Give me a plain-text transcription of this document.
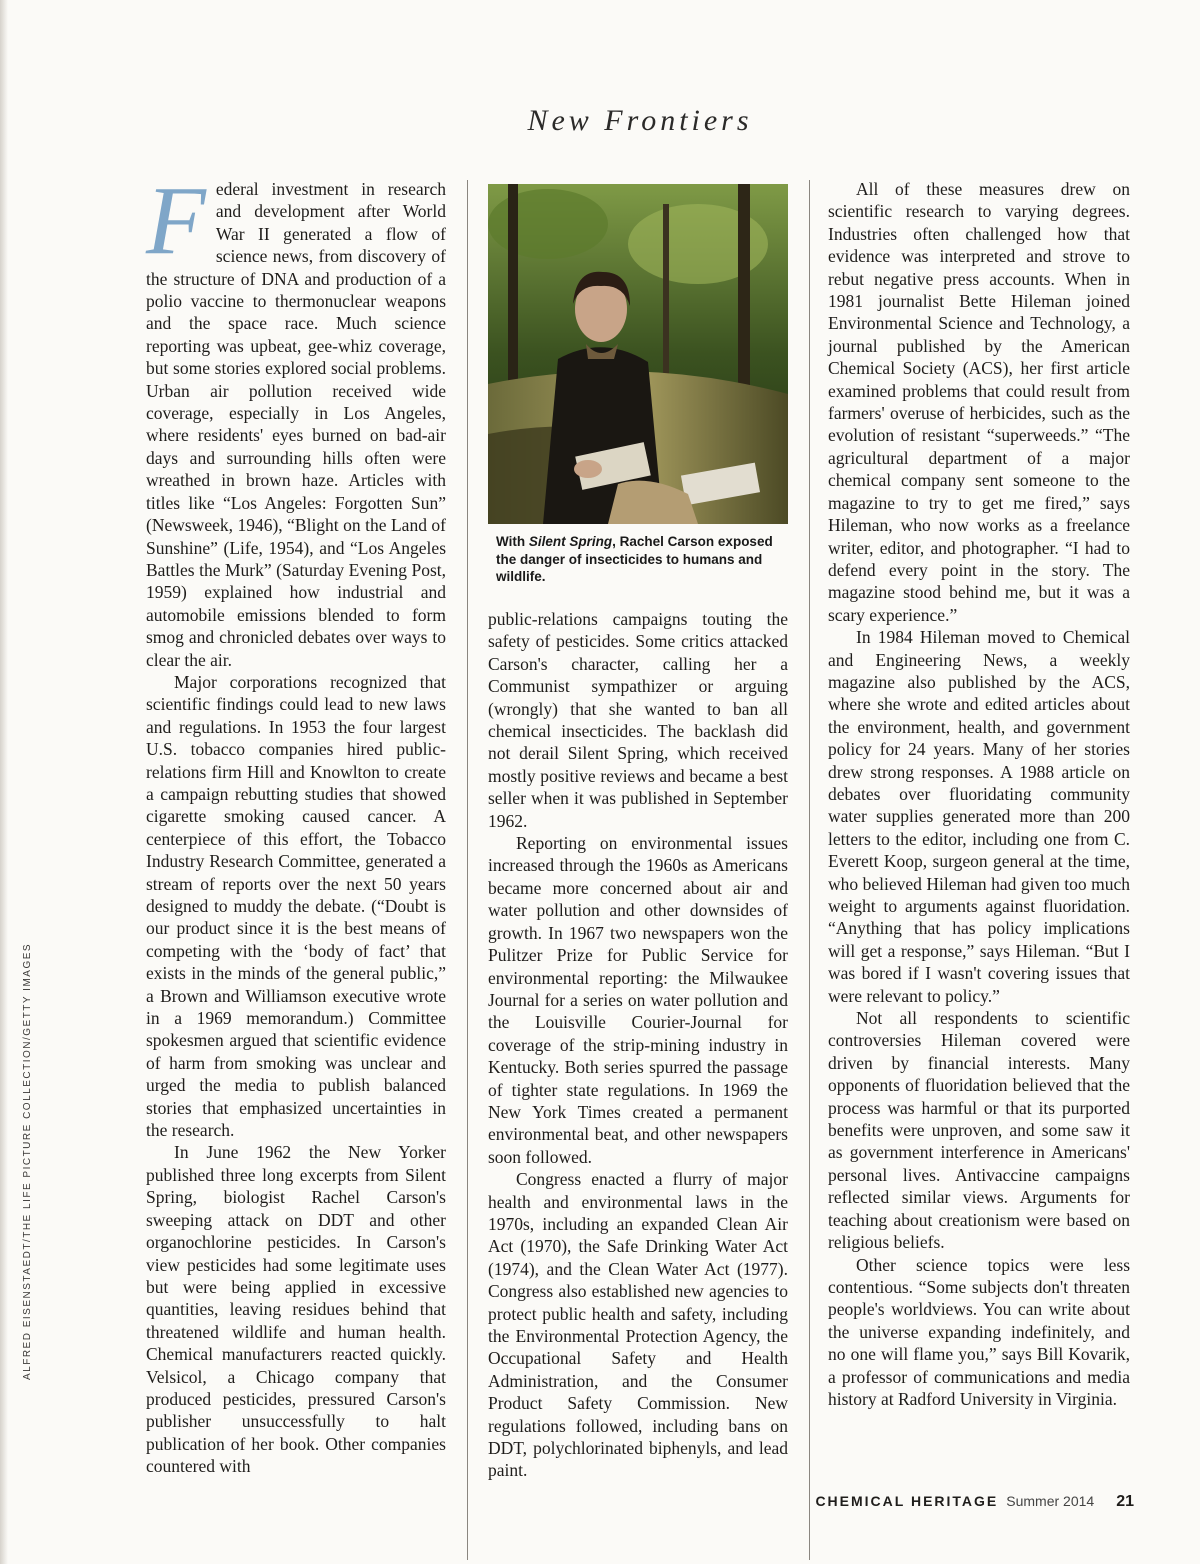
New Frontiers
ALFRED EISENSTAEDT/THE LIFE PICTURE COLLECTION/GETTY IMAGES

Federal investment in research and development after World War II generated a flow of science news, from discovery of the structure of DNA and production of a polio vaccine to thermonuclear weapons and the space race. Much science reporting was upbeat, gee-whiz coverage, but some stories explored social problems. Urban air pollution received wide coverage, especially in Los Angeles, where residents' eyes burned on bad-air days and surrounding hills often were wreathed in brown haze. Articles with titles like “Los Angeles: Forgotten Sun” (Newsweek, 1946), “Blight on the Land of Sunshine” (Life, 1954), and “Los Angeles Battles the Murk” (Saturday Evening Post, 1959) explained how industrial and automobile emissions blended to form smog and chronicled debates over ways to clear the air.

Major corporations recognized that scientific findings could lead to new laws and regulations. In 1953 the four largest U.S. tobacco companies hired public-relations firm Hill and Knowlton to create a campaign rebutting studies that showed cigarette smoking caused cancer. A centerpiece of this effort, the Tobacco Industry Research Committee, generated a stream of reports over the next 50 years designed to muddy the debate. (“Doubt is our product since it is the best means of competing with the ‘body of fact’ that exists in the minds of the general public,” a Brown and Williamson executive wrote in a 1969 memorandum.) Committee spokesmen argued that scientific evidence of harm from smoking was unclear and urged the media to publish balanced stories that emphasized uncertainties in the research.

In June 1962 the New Yorker published three long excerpts from Silent Spring, biologist Rachel Carson's sweeping attack on DDT and other organochlorine pesticides. In Carson's view pesticides had some legitimate uses but were being applied in excessive quantities, leaving residues behind that threatened wildlife and human health. Chemical manufacturers reacted quickly. Velsicol, a Chicago company that produced pesticides, pressured Carson's publisher unsuccessfully to halt publication of her book. Other companies countered with

With Silent Spring, Rachel Carson exposed the danger of insecticides to humans and wildlife.

public-relations campaigns touting the safety of pesticides. Some critics attacked Carson's character, calling her a Communist sympathizer or arguing (wrongly) that she wanted to ban all chemical insecticides. The backlash did not derail Silent Spring, which received mostly positive reviews and became a best seller when it was published in September 1962.

Reporting on environmental issues increased through the 1960s as Americans became more concerned about air and water pollution and other downsides of growth. In 1967 two newspapers won the Pulitzer Prize for Public Service for environmental reporting: the Milwaukee Journal for a series on water pollution and the Louisville Courier-Journal for coverage of the strip-mining industry in Kentucky. Both series spurred the passage of tighter state regulations. In 1969 the New York Times created a permanent environmental beat, and other newspapers soon followed.

Congress enacted a flurry of major health and environmental laws in the 1970s, including an expanded Clean Air Act (1970), the Safe Drinking Water Act (1974), and the Clean Water Act (1977). Congress also established new agencies to protect public health and safety, including the Environmental Protection Agency, the Occupational Safety and Health Administration, and the Consumer Product Safety Commission. New regulations followed, including bans on DDT, polychlorinated biphenyls, and lead paint.

All of these measures drew on scientific research to varying degrees. Industries often challenged how that evidence was interpreted and strove to rebut negative press accounts. When in 1981 journalist Bette Hileman joined Environmental Science and Technology, a journal published by the American Chemical Society (ACS), her first article examined problems that could result from farmers' overuse of herbicides, such as the evolution of resistant “superweeds.” “The agricultural department of a major chemical company sent someone to the magazine to try to get me fired,” says Hileman, who now works as a freelance writer, editor, and photographer. “I had to defend every point in the story. The magazine stood behind me, but it was a scary experience.”

In 1984 Hileman moved to Chemical and Engineering News, a weekly magazine also published by the ACS, where she wrote and edited articles about the environment, health, and government policy for 24 years. Many of her stories drew strong responses. A 1988 article on debates over fluoridating community water supplies generated more than 200 letters to the editor, including one from C. Everett Koop, surgeon general at the time, who believed Hileman had given too much weight to arguments against fluoridation. “Anything that has policy implications will get a response,” says Hileman. “But I was bored if I wasn't covering issues that were relevant to policy.”

Not all respondents to scientific controversies Hileman covered were driven by financial interests. Many opponents of fluoridation believed that the process was harmful or that its purported benefits were unproven, and some saw it as government interference in Americans' personal lives. Antivaccine campaigns reflected similar views. Arguments for teaching about creationism were based on religious beliefs.

Other science topics were less contentious. “Some subjects don't threaten people's worldviews. You can write about the universe expanding indefinitely, and no one will flame you,” says Bill Kovarik, a professor of communications and media history at Radford University in Virginia.

CHEMICAL HERITAGE Summer 2014 21
